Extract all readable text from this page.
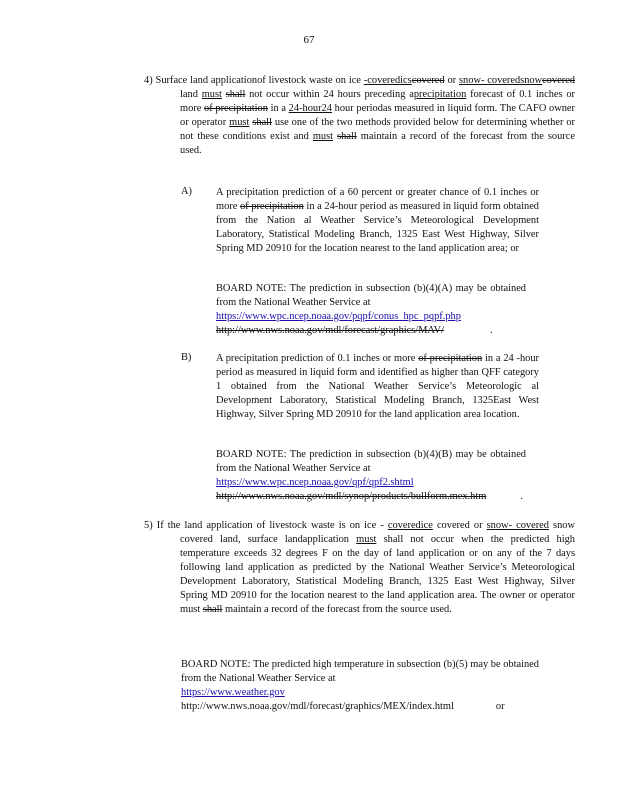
67
4) Surface land applicationof livestock waste on ice -coveredicscovered or snow- coveredsnowcovered land must shall not occur within 24 hours preceding aprecipitation forecast of 0.1 inches or more of precipitation in a 24-hour24 hour periodas measured in liquid form. The CAFO owner or operator must shall use one of the two methods provided below for determining whether or not these conditions exist and must shall maintain a record of the forecast from the source used.
A) A precipitation prediction of a 60 percent or greater chance of 0.1 inches or more of precipitation in a 24-hour period as measured in liquid form obtained from the Nation al Weather Service’s Meteorological Development Laboratory, Statistical Modeling Branch, 1325 East West Highway, Silver Spring MD 20910 for the location nearest to the land application area; or
BOARD NOTE: The prediction in subsection (b)(4)(A) may be obtained from the National Weather Service at
https://www.wpc.ncep.noaa.gov/pqpf/conus_hpc_pqpf.php
http://www.nws.noaa.gov/mdl/forecast/graphics/MAV/	.
B) A precipitation prediction of 0.1 inches or more of precipitation in a 24 -hour period as measured in liquid form and identified as higher than QFF category 1 obtained from the National Weather Service’s Meteorologic al Development Laboratory, Statistical Modeling Branch, 1325East West Highway, Silver Spring MD 20910 for the land application area location.
BOARD NOTE: The prediction in subsection (b)(4)(B) may be obtained from the National Weather Service at
https://www.wpc.ncep.noaa.gov/qpf/qpf2.shtml
http://www.nws.noaa.gov/mdl/synop/products/bullform.mex.htm	.
5) If the land application of livestock waste is on ice - coveredice covered or snow- covered snow covered land, surface landapplication must shall not occur when the predicted high temperature exceeds 32 degrees F on the day of land application or on any of the 7 days following land application as predicted by the National Weather Service’s Meteorological Development Laboratory, Statistical Modeling Branch, 1325 East West Highway, Silver Spring MD 20910 for the location nearest to the land application area. The owner or operator must shall maintain a record of the forecast from the source used.
BOARD NOTE: The predicted high temperature in subsection (b)(5) may be obtained from the National Weather Service at
https://www.weather.gov
http://www.nws.noaa.gov/mdl/forecast/graphics/MEX/index.html	or
